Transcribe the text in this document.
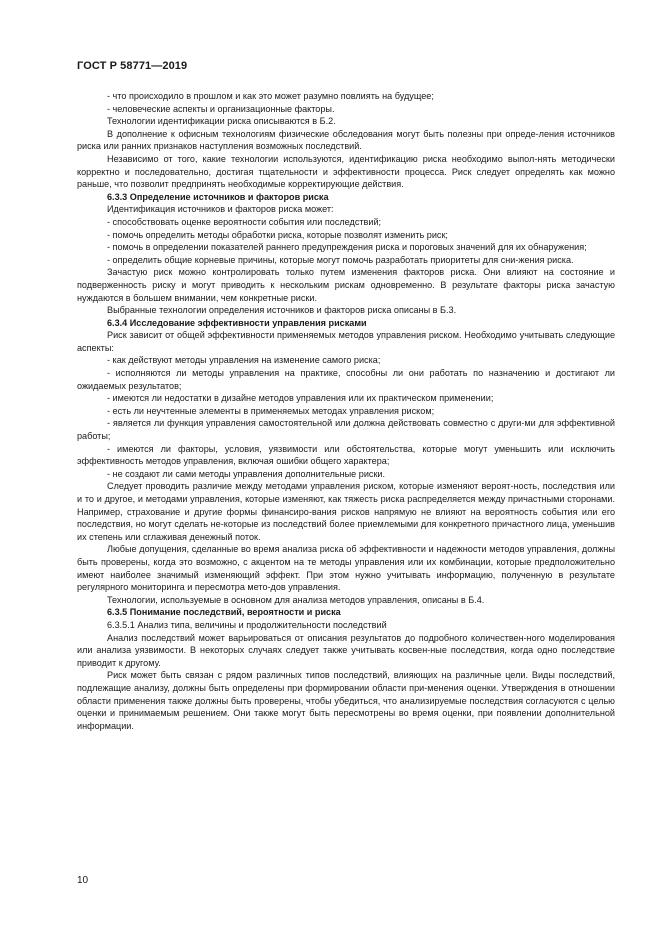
ГОСТ Р 58771—2019

- что происходило в прошлом и как это может разумно повлиять на будущее;

- человеческие аспекты и организационные факторы.

Технологии идентификации риска описываются в Б.2.

В дополнение к офисным технологиям физические обследования могут быть полезны при опреде-ления источников риска или ранних признаков наступления возможных последствий.

Независимо от того, какие технологии используются, идентификацию риска необходимо выпол-нять методически корректно и последовательно, достигая тщательности и эффективности процесса. Риск следует определять как можно раньше, что позволит предпринять необходимые корректирующие действия.

6.3.3 Определение источников и факторов риска

Идентификация источников и факторов риска может:

- способствовать оценке вероятности события или последствий;

- помочь определить методы обработки риска, которые позволят изменить риск;

- помочь в определении показателей раннего предупреждения риска и пороговых значений для их обнаружения;

- определить общие корневые причины, которые могут помочь разработать приоритеты для сни-жения риска.

Зачастую риск можно контролировать только путем изменения факторов риска. Они влияют на состояние и подверженность риску и могут приводить к нескольким рискам одновременно. В результате факторы риска зачастую нуждаются в большем внимании, чем конкретные риски.

Выбранные технологии определения источников и факторов риска описаны в Б.3.

6.3.4 Исследование эффективности управления рисками

Риск зависит от общей эффективности применяемых методов управления риском. Необходимо учитывать следующие аспекты:

- как действуют методы управления на изменение самого риска;

- исполняются ли методы управления на практике, способны ли они работать по назначению и достигают ли ожидаемых результатов;

- имеются ли недостатки в дизайне методов управления или их практическом применении;

- есть ли неучтенные элементы в применяемых методах управления риском;

- является ли функция управления самостоятельной или должна действовать совместно с други-ми для эффективной работы;

- имеются ли факторы, условия, уязвимости или обстоятельства, которые могут уменьшить или исключить эффективность методов управления, включая ошибки общего характера;

- не создают ли сами методы управления дополнительные риски.

Следует проводить различие между методами управления риском, которые изменяют вероят-ность, последствия или и то и другое, и методами управления, которые изменяют, как тяжесть риска распределяется между причастными сторонами. Например, страхование и другие формы финансиро-вания рисков напрямую не влияют на вероятность события или его последствия, но могут сделать не-которые из последствий более приемлемыми для конкретного причастного лица, уменьшив их степень или сглаживая денежный поток.

Любые допущения, сделанные во время анализа риска об эффективности и надежности методов управления, должны быть проверены, когда это возможно, с акцентом на те методы управления или их комбинации, которые предположительно имеют наиболее значимый изменяющий эффект. При этом нужно учитывать информацию, полученную в результате регулярного мониторинга и пересмотра мето-дов управления.

Технологии, используемые в основном для анализа методов управления, описаны в Б.4.

6.3.5 Понимание последствий, вероятности и риска

6.3.5.1 Анализ типа, величины и продолжительности последствий

Анализ последствий может варьироваться от описания результатов до подробного количествен-ного моделирования или анализа уязвимости. В некоторых случаях следует также учитывать косвен-ные последствия, когда одно последствие приводит к другому.

Риск может быть связан с рядом различных типов последствий, влияющих на различные цели. Виды последствий, подлежащие анализу, должны быть определены при формировании области при-менения оценки. Утверждения в отношении области применения также должны быть проверены, чтобы убедиться, что анализируемые последствия согласуются с целью оценки и принимаемым решением. Они также могут быть пересмотрены во время оценки, при появлении дополнительной информации.

10
